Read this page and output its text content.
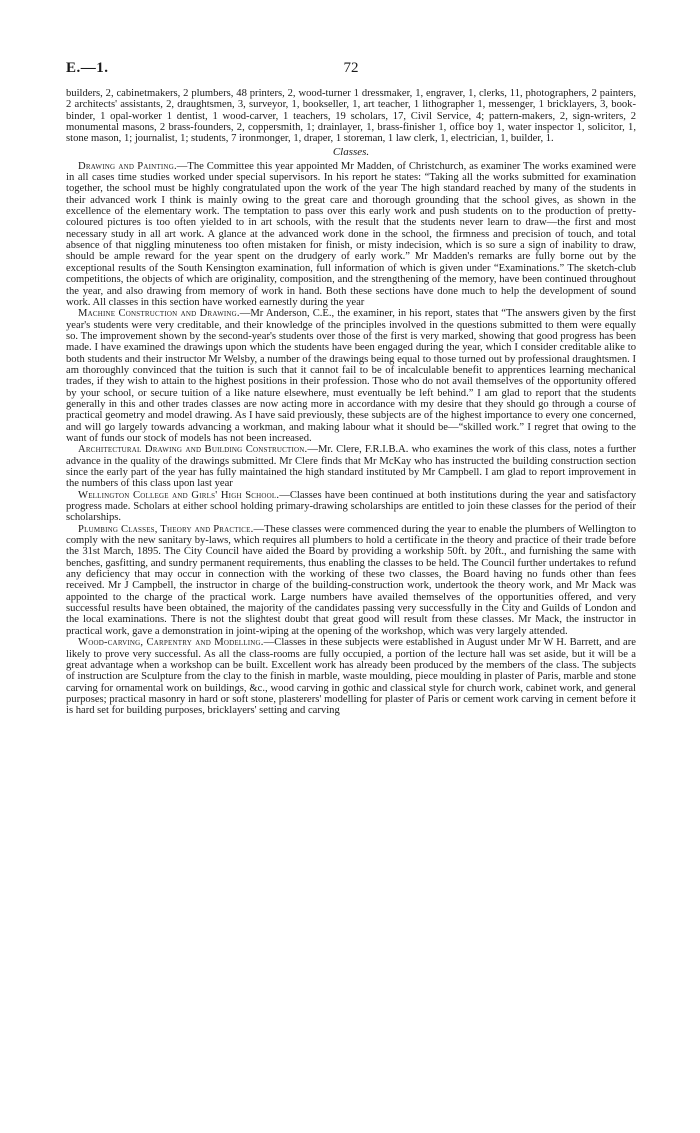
E.—1.	72

builders, 2, cabinetmakers, 2 plumbers, 48 printers, 2, wood-turner 1 dressmaker, 1, engraver, 1, clerks, 11, photographers, 2 painters, 2 architects' assistants, 2, draughtsmen, 3, surveyor, 1, bookseller, 1, art teacher, 1 lithographer 1, messenger, 1 bricklayers, 3, book-binder, 1 opal-worker 1 dentist, 1 wood-carver, 1 teachers, 19 scholars, 17, Civil Service, 4; pattern-makers, 2, sign-writers, 2 monumental masons, 2 brass-founders, 2, coppersmith, 1; drainlayer, 1, brass-finisher 1, office boy 1, water inspector 1, solicitor, 1, stone mason, 1; journalist, 1; students, 7 ironmonger, 1, draper, 1 storeman, 1 law clerk, 1, electrician, 1, builder, 1.

Classes.

Drawing and Painting.—The Committee this year appointed Mr Madden, of Christchurch, as examiner The works examined were in all cases time studies worked under special supervisors. In his report he states: “Taking all the works submitted for examination together, the school must be highly congratulated upon the work of the year The high standard reached by many of the students in their advanced work I think is mainly owing to the great care and thorough grounding that the school gives, as shown in the excellence of the elementary work. The temptation to pass over this early work and push students on to the production of pretty-coloured pictures is too often yielded to in art schools, with the result that the students never learn to draw—the first and most necessary study in all art work. A glance at the advanced work done in the school, the firmness and precision of touch, and total absence of that niggling minuteness too often mistaken for finish, or misty indecision, which is so sure a sign of inability to draw, should be ample reward for the year spent on the drudgery of early work.” Mr Madden's remarks are fully borne out by the exceptional results of the South Kensington examination, full information of which is given under “Examinations.” The sketch-club competitions, the objects of which are originality, composition, and the strengthening of the memory, have been continued throughout the year, and also drawing from memory of work in hand. Both these sections have done much to help the development of sound work. All classes in this section have worked earnestly during the year

Machine Construction and Drawing.—Mr Anderson, C.E., the examiner, in his report, states that “The answers given by the first year's students were very creditable, and their knowledge of the principles involved in the questions submitted to them were equally so. The improvement shown by the second-year's students over those of the first is very marked, showing that good progress has been made. I have examined the drawings upon which the students have been engaged during the year, which I consider creditable alike to both students and their instructor Mr Welsby, a number of the drawings being equal to those turned out by professional draughtsmen. I am thoroughly convinced that the tuition is such that it cannot fail to be of incalculable benefit to apprentices learning mechanical trades, if they wish to attain to the highest positions in their profession. Those who do not avail themselves of the opportunity offered by your school, or secure tuition of a like nature elsewhere, must eventually be left behind.” I am glad to report that the students generally in this and other trades classes are now acting more in accordance with my desire that they should go through a course of practical geometry and model drawing. As I have said previously, these subjects are of the highest importance to every one concerned, and will go largely towards advancing a workman, and making labour what it should be—“skilled work.” I regret that owing to the want of funds our stock of models has not been increased.

Architectural Drawing and Building Construction.—Mr. Clere, F.R.I.B.A. who examines the work of this class, notes a further advance in the quality of the drawings submitted. Mr Clere finds that Mr McKay who has instructed the building construction section since the early part of the year has fully maintained the high standard instituted by Mr Campbell. I am glad to report improvement in the numbers of this class upon last year

Wellington College and Girls' High School.—Classes have been continued at both institutions during the year and satisfactory progress made. Scholars at either school holding primary-drawing scholarships are entitled to join these classes for the period of their scholarships.

Plumbing Classes, Theory and Practice.—These classes were commenced during the year to enable the plumbers of Wellington to comply with the new sanitary by-laws, which requires all plumbers to hold a certificate in the theory and practice of their trade before the 31st March, 1895. The City Council have aided the Board by providing a workship 50ft. by 20ft., and furnishing the same with benches, gasfitting, and sundry permanent requirements, thus enabling the classes to be held. The Council further undertakes to refund any deficiency that may occur in connection with the working of these two classes, the Board having no funds other than fees received. Mr J Campbell, the instructor in charge of the building-construction work, undertook the theory work, and Mr Mack was appointed to the charge of the practical work. Large numbers have availed themselves of the opportunities offered, and very successful results have been obtained, the majority of the candidates passing very successfully in the City and Guilds of London and the local examinations. There is not the slightest doubt that great good will result from these classes. Mr Mack, the instructor in practical work, gave a demonstration in joint-wiping at the opening of the workshop, which was very largely attended.

Wood-carving, Carpentry and Modelling.—Classes in these subjects were established in August under Mr W H. Barrett, and are likely to prove very successful. As all the class-rooms are fully occupied, a portion of the lecture hall was set aside, but it will be a great advantage when a workshop can be built. Excellent work has already been produced by the members of the class. The subjects of instruction are Sculpture from the clay to the finish in marble, waste moulding, piece moulding in plaster of Paris, marble and stone carving for ornamental work on buildings, &c., wood carving in gothic and classical style for church work, cabinet work, and general purposes; practical masonry in hard or soft stone, plasterers' modelling for plaster of Paris or cement work carving in cement before it is hard set for building purposes, bricklayers' setting and carving
